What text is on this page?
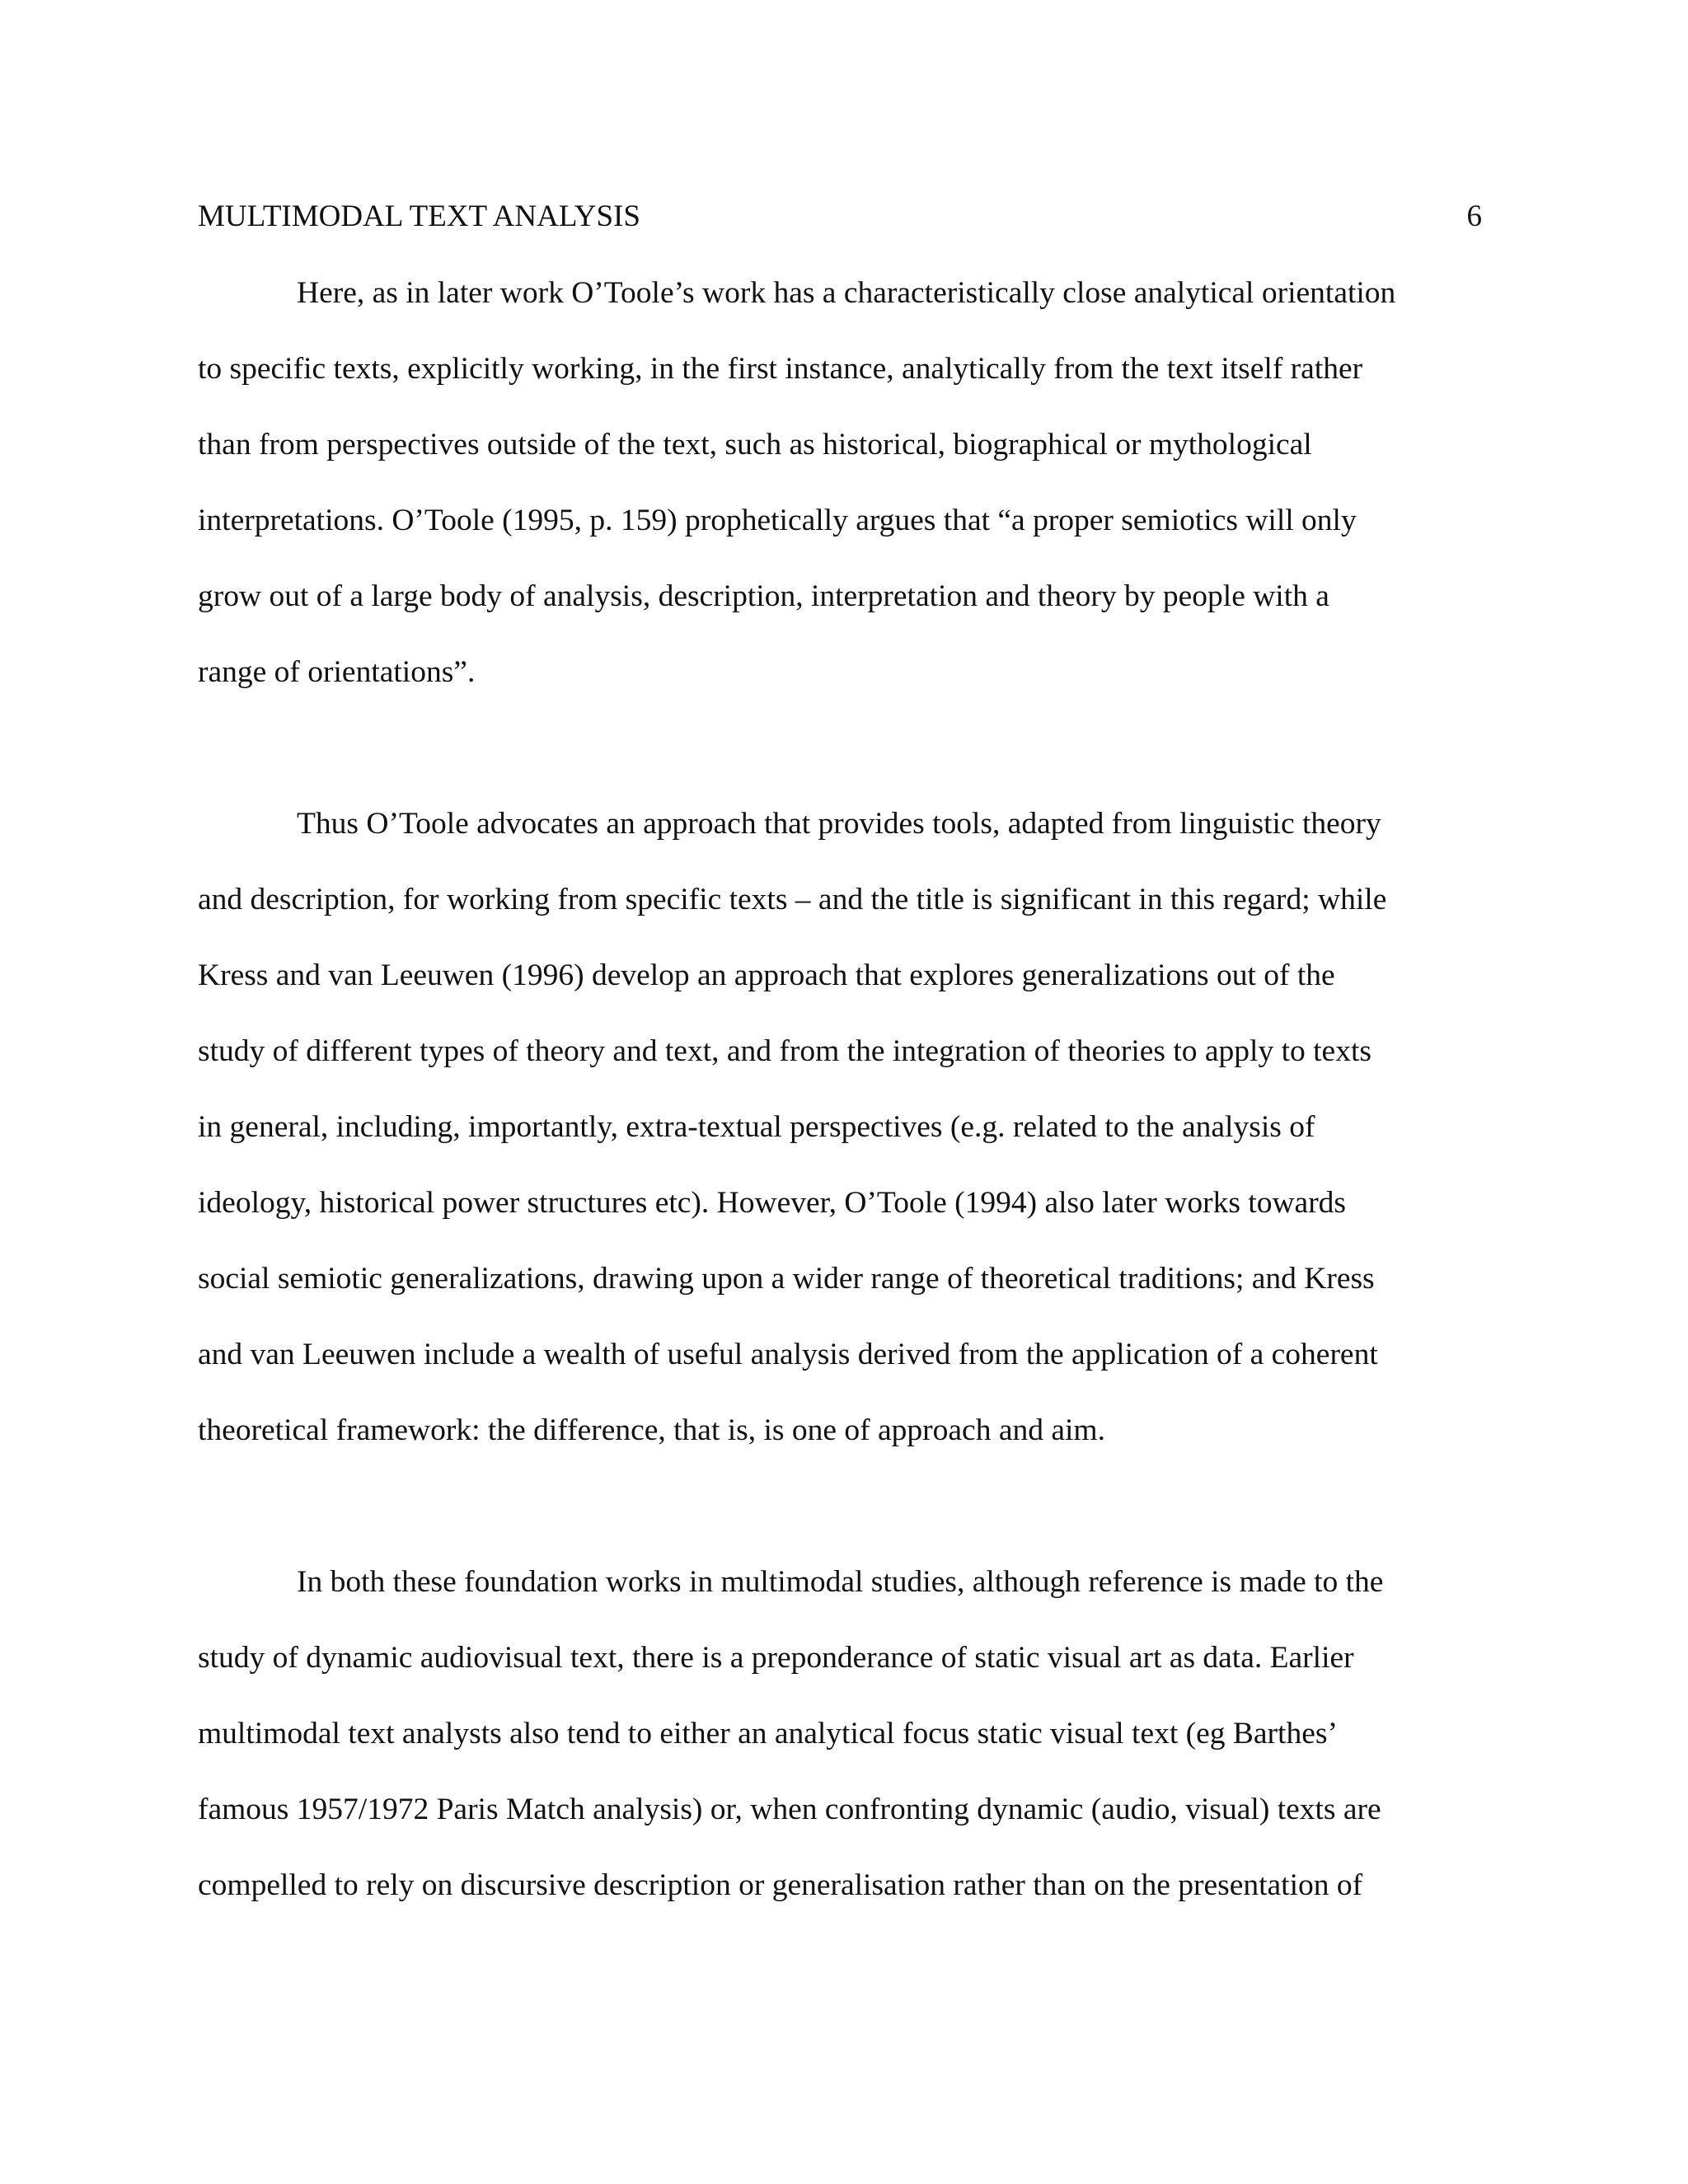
MULTIMODAL TEXT ANALYSIS	6
Here, as in later work O’Toole’s work has a characteristically close analytical orientation
to specific texts, explicitly working, in the first instance, analytically from the text itself rather
than from perspectives outside of the text, such as historical, biographical or mythological
interpretations. O’Toole (1995, p. 159) prophetically argues that “a proper semiotics will only
grow out of a large body of analysis, description, interpretation and theory by people with a
range of orientations”.
Thus O’Toole advocates an approach that provides tools, adapted from linguistic theory
and description, for working from specific texts – and the title is significant in this regard; while
Kress and van Leeuwen (1996) develop an approach that explores generalizations out of the
study of different types of theory and text, and from the integration of theories to apply to texts
in general, including, importantly, extra-textual perspectives (e.g. related to the analysis of
ideology, historical power structures etc). However, O’Toole (1994) also later works towards
social semiotic generalizations, drawing upon a wider range of theoretical traditions; and Kress
and van Leeuwen include a wealth of useful analysis derived from the application of a coherent
theoretical framework: the difference, that is, is one of approach and aim.
In both these foundation works in multimodal studies, although reference is made to the
study of dynamic audiovisual text, there is a preponderance of static visual art as data. Earlier
multimodal text analysts also tend to either an analytical focus static visual text (eg Barthes’
famous 1957/1972 Paris Match analysis) or, when confronting dynamic (audio, visual) texts are
compelled to rely on discursive description or generalisation rather than on the presentation of
